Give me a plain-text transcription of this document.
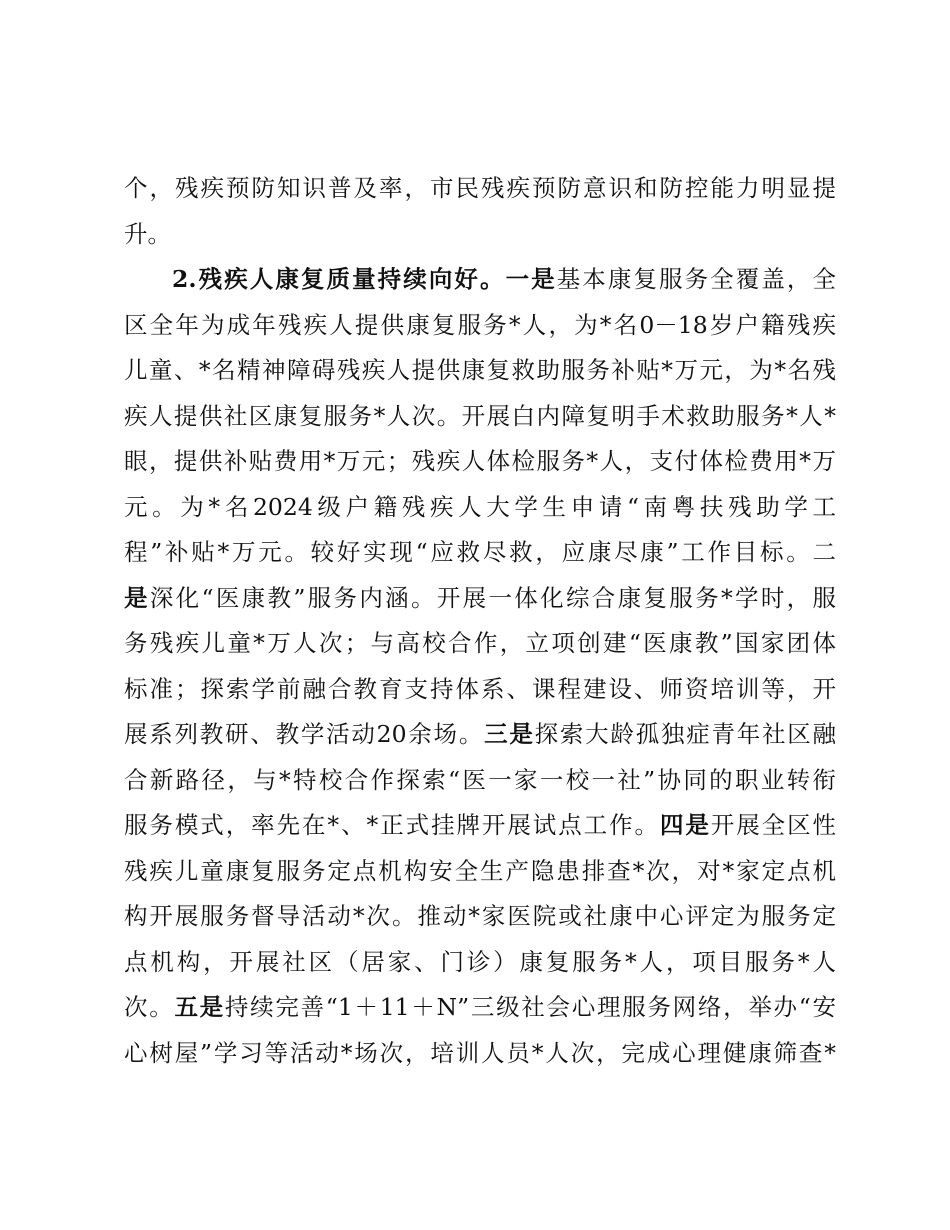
个，残疾预防知识普及率，市民残疾预防意识和防控能力明显提
升。
2.残疾人康复质量持续向好。一是基本康复服务全覆盖，全
区全年为成年残疾人提供康复服务*人，为*名0－18岁户籍残疾
儿童、*名精神障碍残疾人提供康复救助服务补贴*万元，为*名残
疾人提供社区康复服务*人次。开展白内障复明手术救助服务*人*
眼，提供补贴费用*万元；残疾人体检服务*人，支付体检费用*万
元。为*名2024级户籍残疾人大学生申请“南粤扶残助学工
程”补贴*万元。较好实现“应救尽救，应康尽康”工作目标。二
是深化“医康教”服务内涵。开展一体化综合康复服务*学时，服
务残疾儿童*万人次；与高校合作，立项创建“医康教”国家团体
标准；探索学前融合教育支持体系、课程建设、师资培训等，开
展系列教研、教学活动20余场。三是探索大龄孤独症青年社区融
合新路径，与*特校合作探索“医一家一校一社”协同的职业转衔
服务模式，率先在*、*正式挂牌开展试点工作。四是开展全区性
残疾儿童康复服务定点机构安全生产隐患排查*次，对*家定点机
构开展服务督导活动*次。推动*家医院或社康中心评定为服务定
点机构，开展社区（居家、门诊）康复服务*人，项目服务*人
次。五是持续完善“1＋11＋N”三级社会心理服务网络，举办“安
心树屋”学习等活动*场次，培训人员*人次，完成心理健康筛查*
